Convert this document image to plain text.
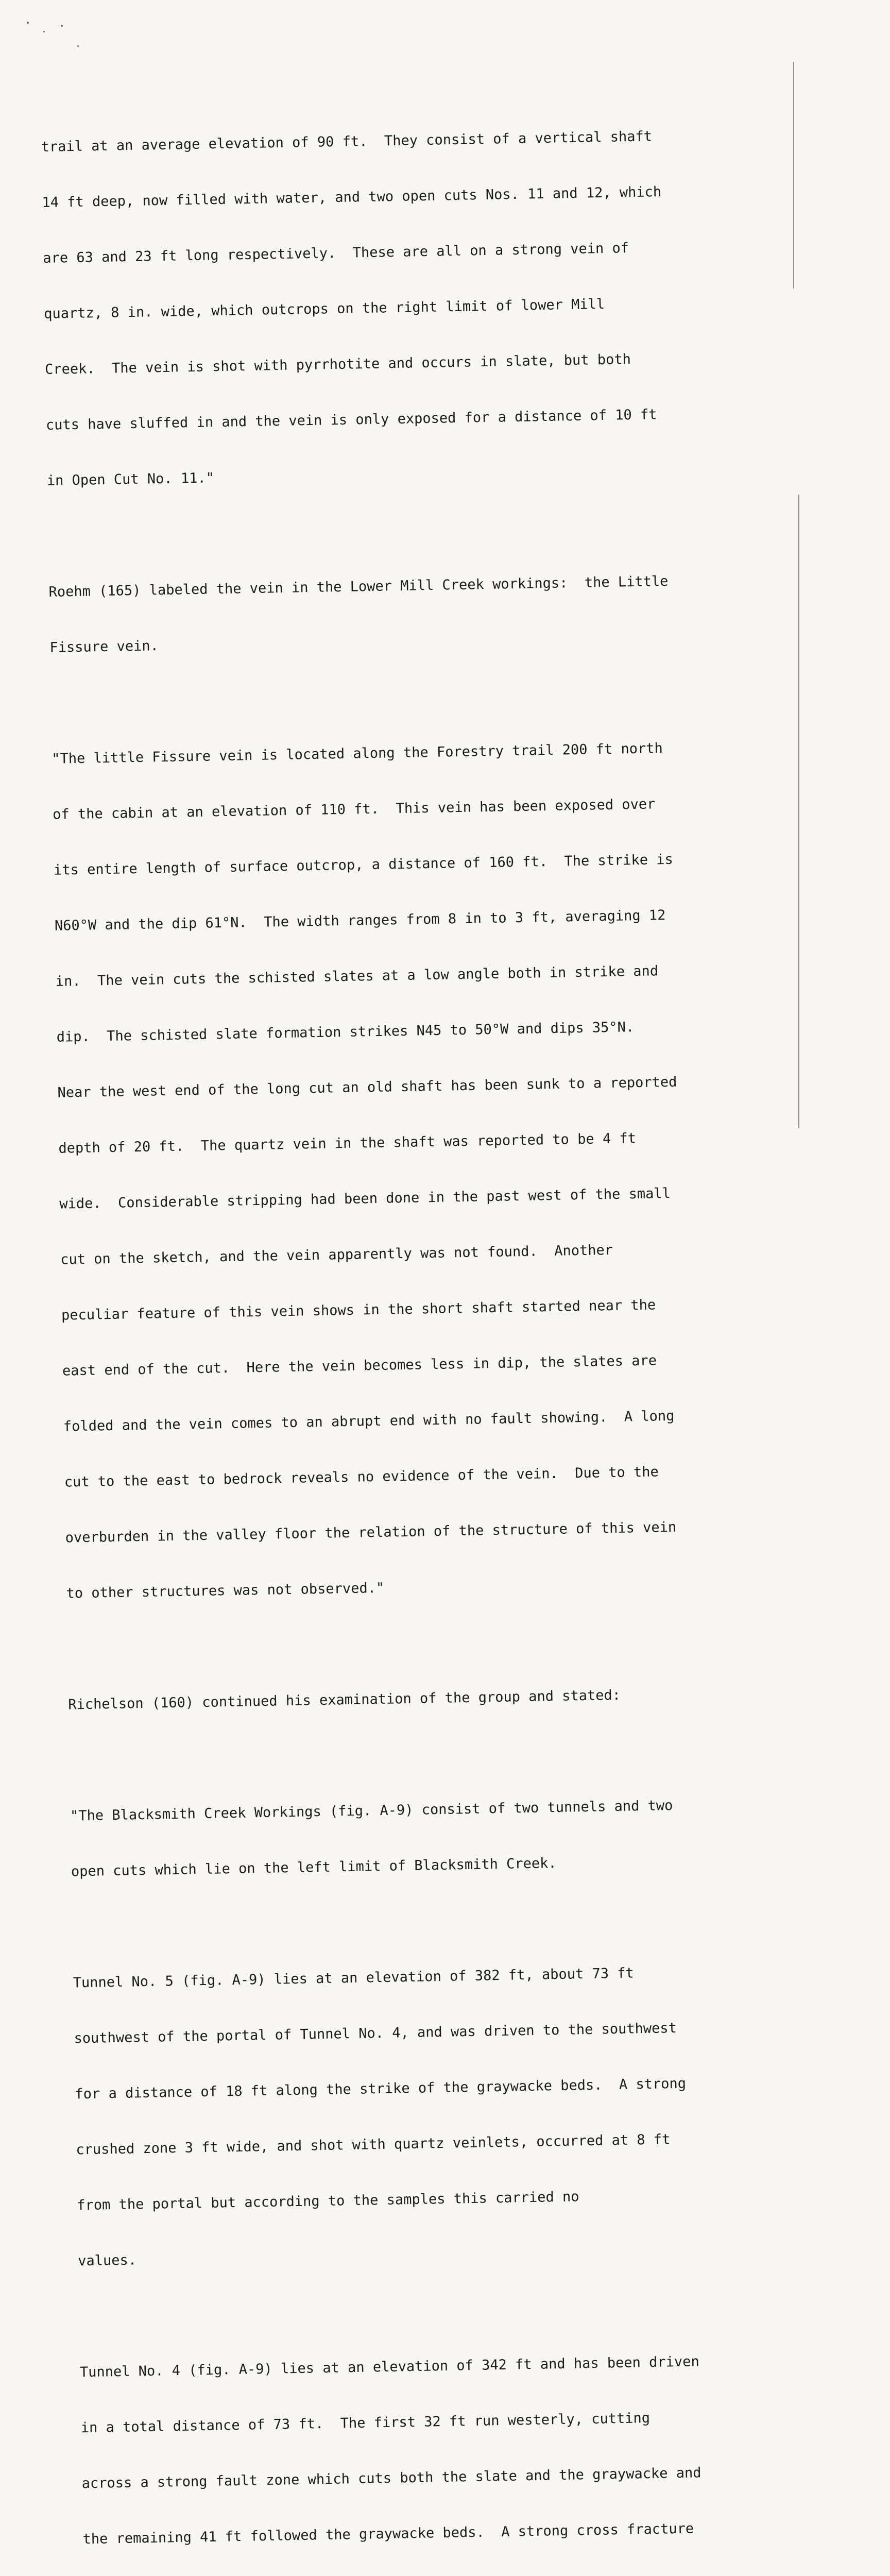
trail at an average elevation of 90 ft.  They consist of a vertical shaft

14 ft deep, now filled with water, and two open cuts Nos. 11 and 12, which

are 63 and 23 ft long respectively.  These are all on a strong vein of

quartz, 8 in. wide, which outcrops on the right limit of lower Mill

Creek.  The vein is shot with pyrrhotite and occurs in slate, but both

cuts have sluffed in and the vein is only exposed for a distance of 10 ft

in Open Cut No. 11."

Roehm (165) labeled the vein in the Lower Mill Creek workings:  the Little

Fissure vein.

"The little Fissure vein is located along the Forestry trail 200 ft north

of the cabin at an elevation of 110 ft.  This vein has been exposed over

its entire length of surface outcrop, a distance of 160 ft.  The strike is

N60°W and the dip 61°N.  The width ranges from 8 in to 3 ft, averaging 12

in.  The vein cuts the schisted slates at a low angle both in strike and

dip.  The schisted slate formation strikes N45 to 50°W and dips 35°N.

Near the west end of the long cut an old shaft has been sunk to a reported

depth of 20 ft.  The quartz vein in the shaft was reported to be 4 ft

wide.  Considerable stripping had been done in the past west of the small

cut on the sketch, and the vein apparently was not found.  Another

peculiar feature of this vein shows in the short shaft started near the

east end of the cut.  Here the vein becomes less in dip, the slates are

folded and the vein comes to an abrupt end with no fault showing.  A long

cut to the east to bedrock reveals no evidence of the vein.  Due to the

overburden in the valley floor the relation of the structure of this vein

to other structures was not observed."

Richelson (160) continued his examination of the group and stated:

"The Blacksmith Creek Workings (fig. A-9) consist of two tunnels and two

open cuts which lie on the left limit of Blacksmith Creek.

Tunnel No. 5 (fig. A-9) lies at an elevation of 382 ft, about 73 ft

southwest of the portal of Tunnel No. 4, and was driven to the southwest

for a distance of 18 ft along the strike of the graywacke beds.  A strong

crushed zone 3 ft wide, and shot with quartz veinlets, occurred at 8 ft

from the portal but according to the samples this carried no

values.

Tunnel No. 4 (fig. A-9) lies at an elevation of 342 ft and has been driven

in a total distance of 73 ft.  The first 32 ft run westerly, cutting

across a strong fault zone which cuts both the slate and the graywacke and

the remaining 41 ft followed the graywacke beds.  A strong cross fracture
